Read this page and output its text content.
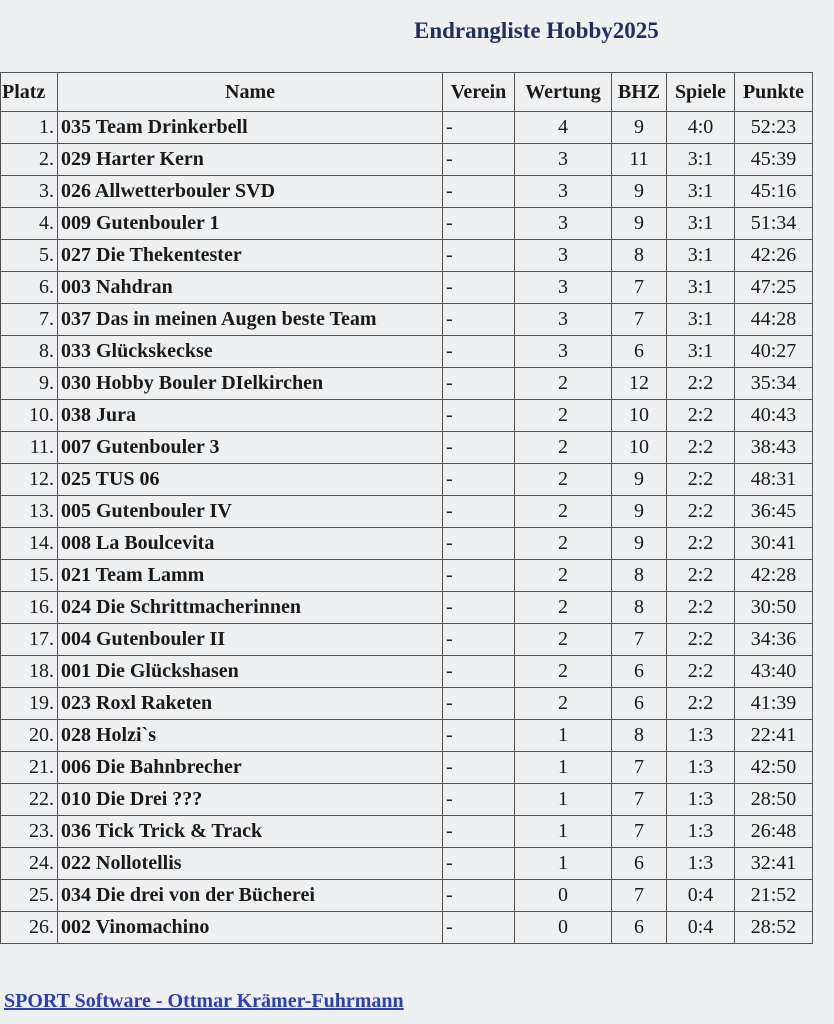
Endrangliste Hobby2025
Platz	Name	Verein	Wertung	BHZ	Spiele	Punkte
1.	035 Team Drinkerbell	-	4	9	4:0	52:23
2.	029 Harter Kern	-	3	11	3:1	45:39
3.	026 Allwetterbouler SVD	-	3	9	3:1	45:16
4.	009 Gutenbouler 1	-	3	9	3:1	51:34
5.	027 Die Thekentester	-	3	8	3:1	42:26
6.	003 Nahdran	-	3	7	3:1	47:25
7.	037 Das in meinen Augen beste Team	-	3	7	3:1	44:28
8.	033 Glückskeckse	-	3	6	3:1	40:27
9.	030 Hobby Bouler DIelkirchen	-	2	12	2:2	35:34
10.	038 Jura	-	2	10	2:2	40:43
11.	007 Gutenbouler 3	-	2	10	2:2	38:43
12.	025 TUS 06	-	2	9	2:2	48:31
13.	005 Gutenbouler IV	-	2	9	2:2	36:45
14.	008 La Boulcevita	-	2	9	2:2	30:41
15.	021 Team Lamm	-	2	8	2:2	42:28
16.	024 Die Schrittmacherinnen	-	2	8	2:2	30:50
17.	004 Gutenbouler II	-	2	7	2:2	34:36
18.	001 Die Glückshasen	-	2	6	2:2	43:40
19.	023 Roxl Raketen	-	2	6	2:2	41:39
20.	028 Holzi`s	-	1	8	1:3	22:41
21.	006 Die Bahnbrecher	-	1	7	1:3	42:50
22.	010 Die Drei ???	-	1	7	1:3	28:50
23.	036 Tick Trick & Track	-	1	7	1:3	26:48
24.	022 Nollotellis	-	1	6	1:3	32:41
25.	034 Die drei von der Bücherei	-	0	7	0:4	21:52
26.	002 Vinomachino	-	0	6	0:4	28:52
SPORT Software - Ottmar Krämer-Fuhrmann
